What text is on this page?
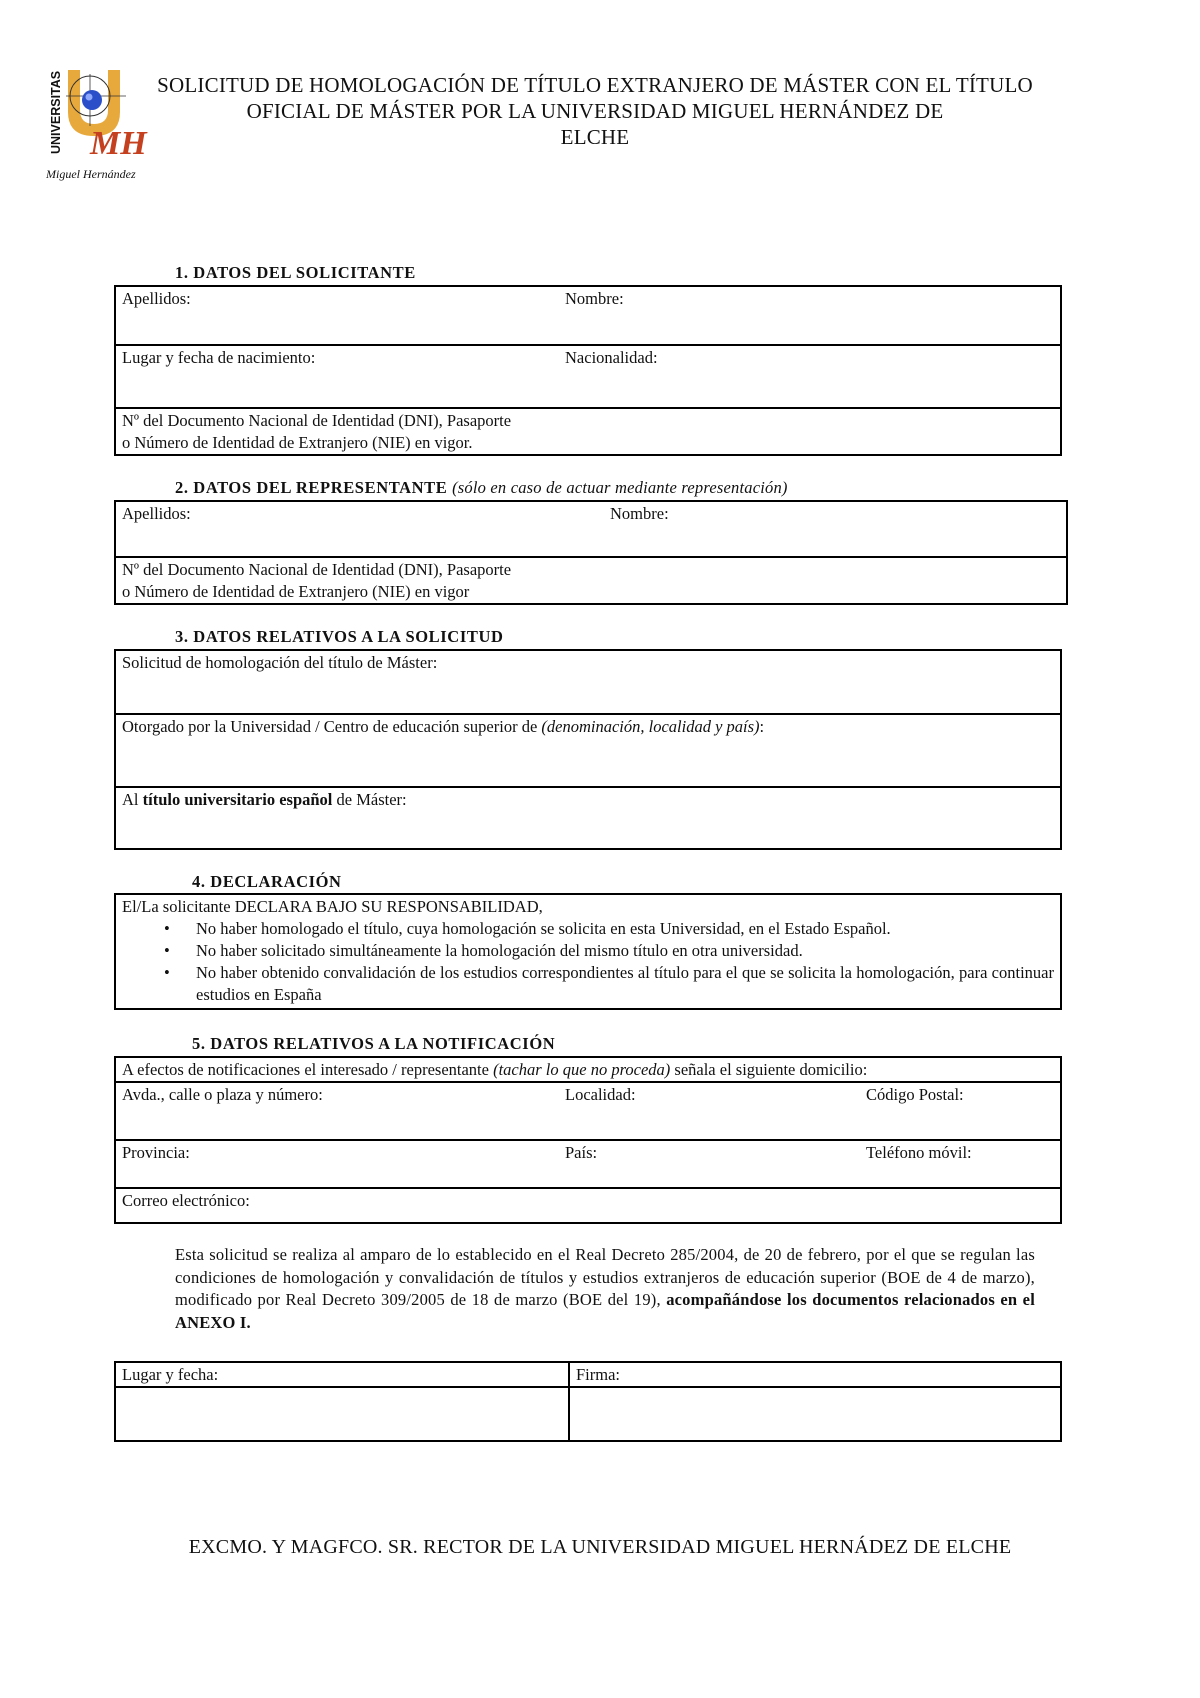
UNIVERSITAS MH
Miguel Hernández
SOLICITUD DE HOMOLOGACIÓN DE TÍTULO EXTRANJERO DE MÁSTER CON EL TÍTULO
OFICIAL DE MÁSTER POR LA UNIVERSIDAD MIGUEL HERNÁNDEZ DE
ELCHE
1. DATOS DEL SOLICITANTE
Apellidos:	Nombre:

Lugar y fecha de nacimiento:	Nacionalidad:

Nº del Documento Nacional de Identidad (DNI), Pasaporte
o Número de Identidad de Extranjero (NIE) en vigor.
2. DATOS DEL REPRESENTANTE (sólo en caso de actuar mediante representación)
Apellidos:	Nombre:

Nº del Documento Nacional de Identidad (DNI), Pasaporte
o Número de Identidad de Extranjero (NIE) en vigor
3. DATOS RELATIVOS A LA SOLICITUD
Solicitud de homologación del título de Máster:
Otorgado por la Universidad / Centro de educación superior de (denominación, localidad y país):
Al título universitario español de Máster:
4. DECLARACIÓN
El/La solicitante DECLARA BAJO SU RESPONSABILIDAD,
• No haber homologado el título, cuya homologación se solicita en esta Universidad, en el Estado Español.
• No haber solicitado simultáneamente la homologación del mismo título en otra universidad.
• No haber obtenido convalidación de los estudios correspondientes al título para el que se solicita la homologación, para continuar estudios en España
5. DATOS RELATIVOS A LA NOTIFICACIÓN
A efectos de notificaciones el interesado / representante (tachar lo que no proceda) señala el siguiente domicilio:

Avda., calle o plaza y número:	Localidad:	Código Postal:

Provincia:	País:	Teléfono móvil:

Correo electrónico:
Esta solicitud se realiza al amparo de lo establecido en el Real Decreto 285/2004, de 20 de febrero, por el que se regulan las condiciones de homologación y convalidación de títulos y estudios extranjeros de educación superior (BOE de 4 de marzo), modificado por Real Decreto 309/2005 de 18 de marzo (BOE del 19), acompañándose los documentos relacionados en el ANEXO I.
Lugar y fecha:	Firma:

EXCMO. Y MAGFCO. SR. RECTOR DE LA UNIVERSIDAD MIGUEL HERNÁDEZ DE ELCHE
